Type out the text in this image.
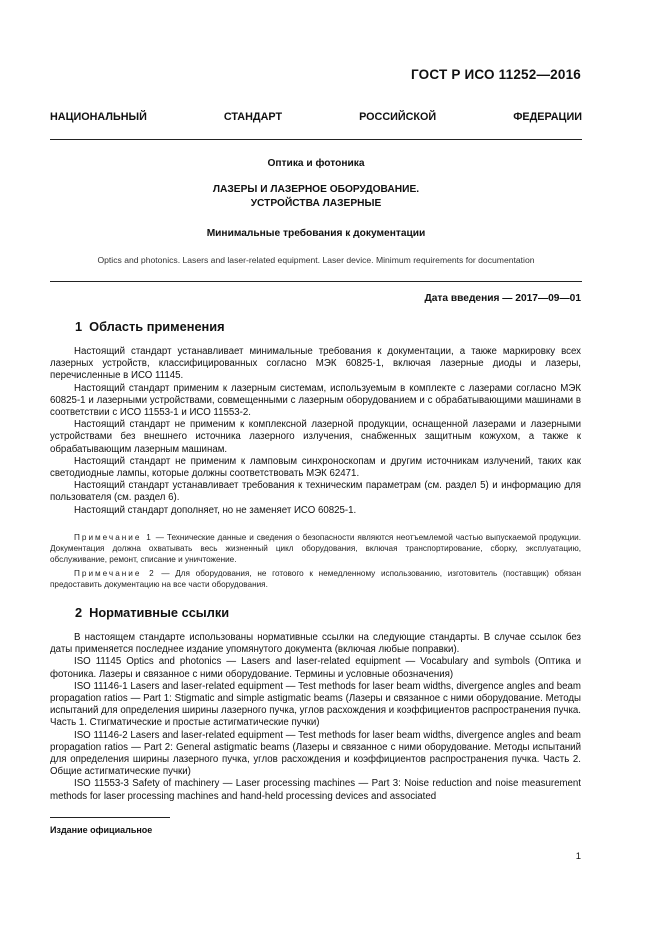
ГОСТ Р ИСО 11252—2016
НАЦИОНАЛЬНЫЙ	СТАНДАРТ	РОССИЙСКОЙ	ФЕДЕРАЦИИ
Оптика и фотоника
ЛАЗЕРЫ И ЛАЗЕРНОЕ ОБОРУДОВАНИЕ.
УСТРОЙСТВА ЛАЗЕРНЫЕ
Минимальные требования к документации
Optics and photonics. Lasers and laser-related equipment. Laser device. Minimum requirements for documentation
Дата введения — 2017—09—01
1 Область применения

Настоящий стандарт устанавливает минимальные требования к документации, а также маркировку всех лазерных устройств, классифицированных согласно МЭК 60825-1, включая лазерные диоды и лазеры, перечисленные в ИСО 11145.

Настоящий стандарт применим к лазерным системам, используемым в комплекте с лазерами согласно МЭК 60825-1 и лазерными устройствами, совмещенными с лазерным оборудованием и с обрабатывающими машинами в соответствии с ИСО 11553-1 и ИСО 11553-2.

Настоящий стандарт не применим к комплексной лазерной продукции, оснащенной лазерами и лазерными устройствами без внешнего источника лазерного излучения, снабженных защитным кожухом, а также к обрабатывающим лазерным машинам.

Настоящий стандарт не применим к ламповым синхроноскопам и другим источникам излучений, таких как светодиодные лампы, которые должны соответствовать МЭК 62471.

Настоящий стандарт устанавливает требования к техническим параметрам (см. раздел 5) и информацию для пользователя (см. раздел 6).

Настоящий стандарт дополняет, но не заменяет ИСО 60825-1.

Примечание 1 — Технические данные и сведения о безопасности являются неотъемлемой частью выпускаемой продукции. Документация должна охватывать весь жизненный цикл оборудования, включая транспортирование, сборку, эксплуатацию, обслуживание, ремонт, списание и уничтожение.

Примечание 2 — Для оборудования, не готового к немедленному использованию, изготовитель (поставщик) обязан предоставить документацию на все части оборудования.

2 Нормативные ссылки

В настоящем стандарте использованы нормативные ссылки на следующие стандарты. В случае ссылок без даты применяется последнее издание упомянутого документа (включая любые поправки).

ISO 11145 Optics and photonics — Lasers and laser-related equipment — Vocabulary and symbols (Оптика и фотоника. Лазеры и связанное с ними оборудование. Термины и условные обозначения)

ISO 11146-1 Lasers and laser-related equipment — Test methods for laser beam widths, divergence angles and beam propagation ratios — Part 1: Stigmatic and simple astigmatic beams (Лазеры и связанное с ними оборудование. Методы испытаний для определения ширины лазерного пучка, углов расхождения и коэффициентов распространения пучка. Часть 1. Стигматические и простые астигматические пучки)

ISO 11146-2 Lasers and laser-related equipment — Test methods for laser beam widths, divergence angles and beam propagation ratios — Part 2: General astigmatic beams (Лазеры и связанное с ними оборудование. Методы испытаний для определения ширины лазерного пучка, углов расхождения и коэффициентов распространения пучка. Часть 2. Общие астигматические пучки)

ISO 11553-3 Safety of machinery — Laser processing machines — Part 3: Noise reduction and noise measurement methods for laser processing machines and hand-held processing devices and associated

Издание официальное
1
